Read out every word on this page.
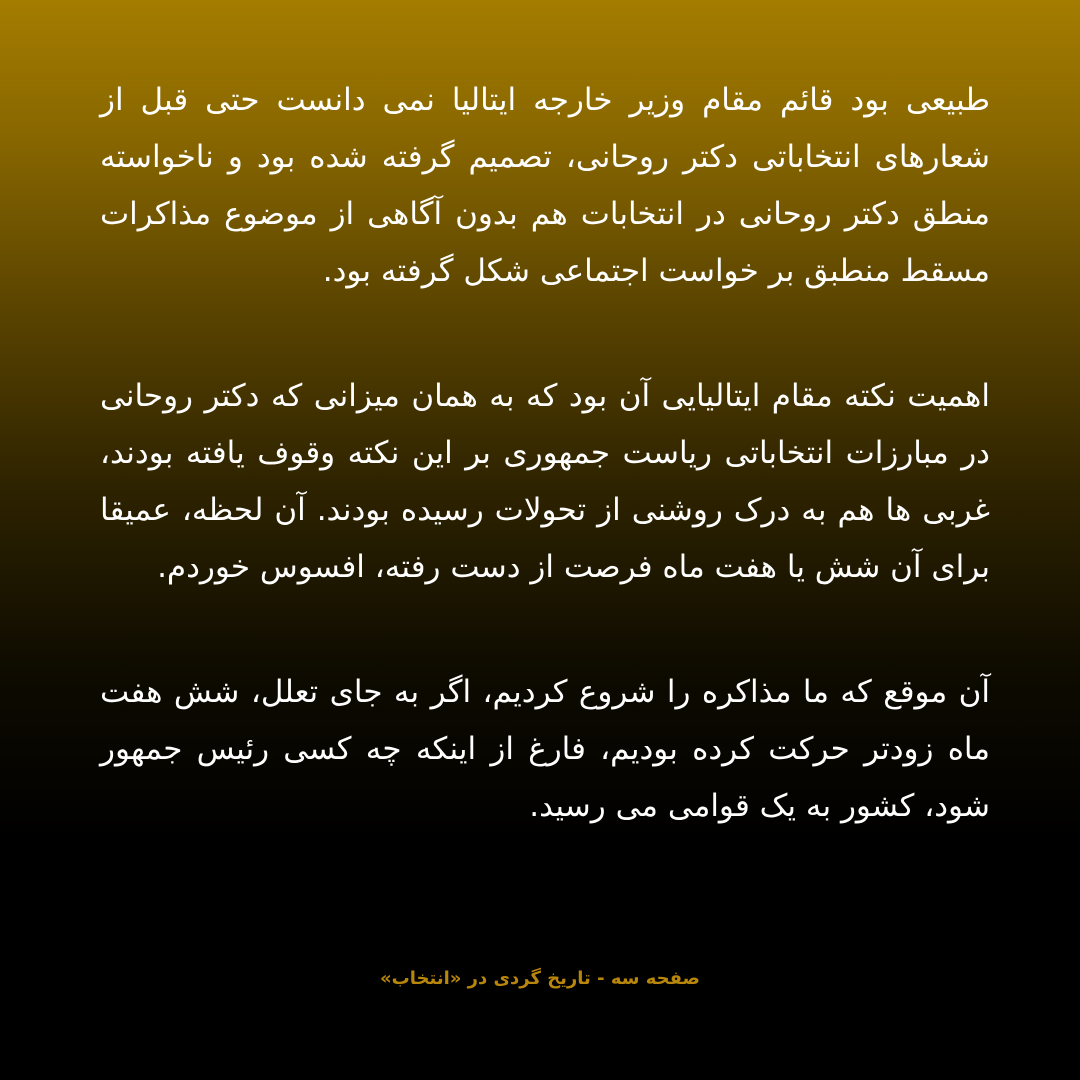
طبیعی بود قائم مقام وزیر خارجه ایتالیا نمی دانست حتی قبل از شعارهای انتخاباتی دکتر روحانی، تصمیم گرفته شده بود و ناخواسته منطق دکتر روحانی در انتخابات هم بدون آگاهی از موضوع مذاکرات مسقط منطبق بر خواست اجتماعی شکل گرفته بود.

اهمیت نکته مقام ایتالیایی آن بود که به همان میزانی که دکتر روحانی در مبارزات انتخاباتی ریاست جمهوری بر این نکته وقوف یافته بودند، غربی ها هم به درک روشنی از تحولات رسیده بودند. آن لحظه، عمیقا برای آن شش یا هفت ماه فرصت از دست رفته، افسوس خوردم.

آن موقع که ما مذاکره را شروع کردیم، اگر به جای تعلل، شش هفت ماه زودتر حرکت کرده بودیم، فارغ از اینکه چه کسی رئیس جمهور شود، کشور به یک قوامی می رسید.

صفحه سه - تاریخ گردی در «انتخاب»
